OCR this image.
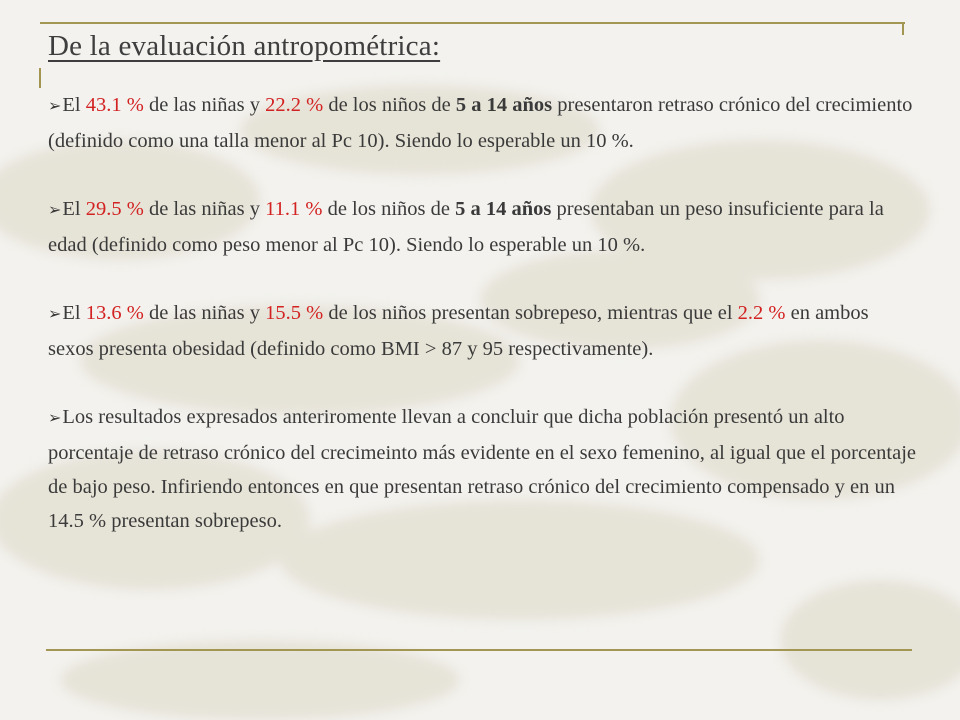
De la evaluación antropométrica:

➢El 43.1 % de las niñas y 22.2 % de los niños de 5 a 14 años presentaron retraso crónico del crecimiento (definido como una talla menor al Pc 10). Siendo lo esperable un 10 %.

➢El 29.5 % de las niñas y 11.1 % de los niños de 5 a 14 años presentaban un peso insuficiente para la edad (definido como peso menor al Pc 10). Siendo lo esperable un 10 %.

➢El 13.6 % de las niñas y 15.5 % de los niños presentan sobrepeso, mientras que el 2.2 % en ambos sexos presenta obesidad (definido como BMI > 87 y 95 respectivamente).

➢Los resultados expresados anteriromente llevan a concluir que dicha población presentó un alto porcentaje de retraso crónico del crecimeinto más evidente en el sexo femenino, al igual que el porcentaje de bajo peso. Infiriendo entonces en que presentan retraso crónico del crecimiento compensado y en un 14.5 % presentan sobrepeso.
